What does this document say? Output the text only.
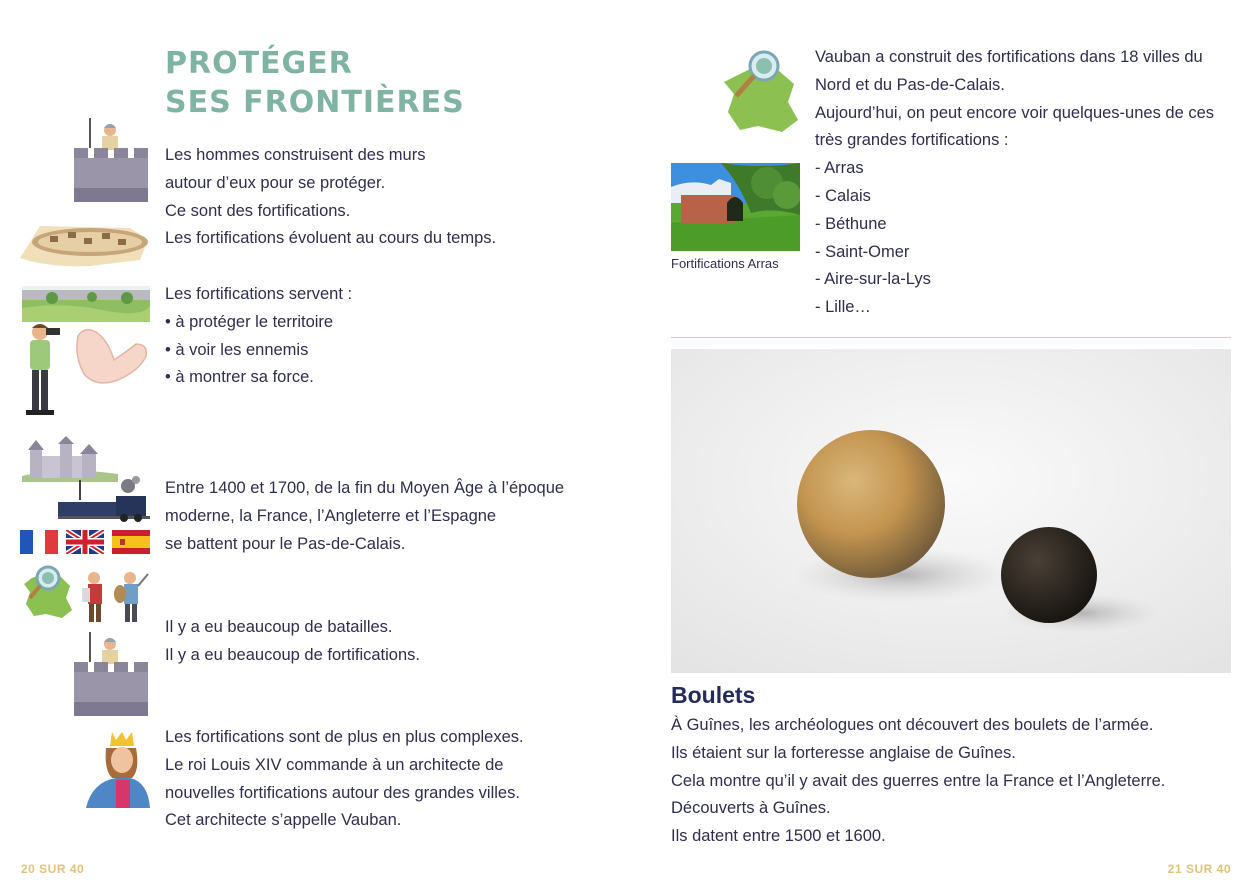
PROTÉGER
SES FRONTIÈRES
Les hommes construisent des murs
autour d’eux pour se protéger.
Ce sont des fortifications.
Les fortifications évoluent au cours du temps.
Les fortifications servent :
• à protéger le territoire
• à voir les ennemis
• à montrer sa force.
Entre 1400 et 1700, de la fin du Moyen Âge à l’époque
moderne, la France, l’Angleterre et l’Espagne
se battent pour le Pas-de-Calais.
Il y a eu beaucoup de batailles.
Il y a eu beaucoup de fortifications.
Les fortifications sont de plus en plus complexes.
Le roi Louis XIV commande à un architecte de
nouvelles fortifications autour des grandes villes.
Cet architecte s’appelle Vauban.
20 SUR 40
Fortifications Arras
Vauban a construit des fortifications dans 18 villes du
Nord et du Pas-de-Calais.
Aujourd’hui, on peut encore voir quelques-unes de ces
très grandes fortifications :
- Arras
- Calais
- Béthune
- Saint-Omer
- Aire-sur-la-Lys
- Lille…
Boulets
À Guînes, les archéologues ont découvert des boulets de l’armée.
Ils étaient sur la forteresse anglaise de Guînes.
Cela montre qu’il y avait des guerres entre la France et l’Angleterre.
Découverts à Guînes.
Ils datent entre 1500 et 1600.
21 SUR 40
